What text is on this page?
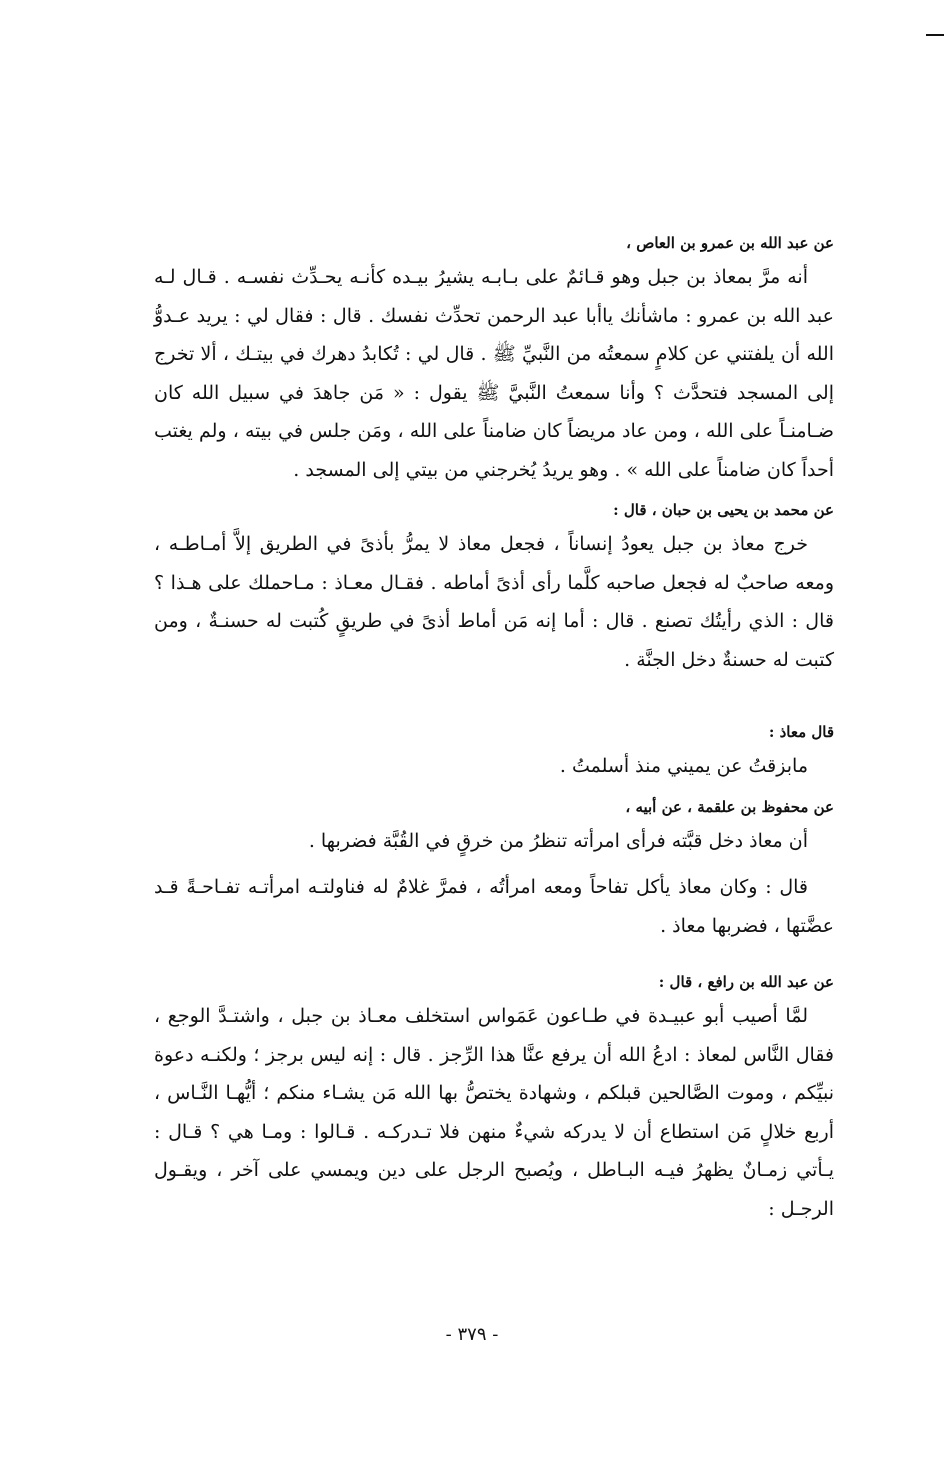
عن عبد الله بن عمرو بن العاص ،

أنه مرَّ بمعاذ بن جبل وهو قـائمٌ على بـابـه يشيرُ بيـده كأنـه يحـدِّث نفسـه . قـال لـه عبد الله بن عمرو : ماشأنك ياأبا عبد الرحمن تحدِّث نفسك . قال : فقال لي : يريد عـدوُّ الله أن يلفتني عن كلامٍ سمعتُه من النَّبيِّ ﷺ . قال لي : تُكابدُ دهرك في بيتـك ، ألا تخرج إلى المسجد فتحدَّث ؟ وأنا سمعتُ النَّبيَّ ﷺ يقول : « مَن جاهدَ في سبيل الله كان ضـامنـاً على الله ، ومن عاد مريضاً كان ضامناً على الله ، ومَن جلس في بيته ، ولم يغتب أحداً كان ضامناً على الله » . وهو يريدُ يُخرجني من بيتي إلى المسجد .

عن محمد بن يحيى بن حبان ، قال :

خرج معاذ بن جبل يعودُ إنساناً ، فجعل معاذ لا يمرُّ بأذىً في الطريق إلاَّ أمـاطـه ، ومعه صاحبٌ له فجعل صاحبه كلَّما رأى أذىً أماطه . فقـال معـاذ : مـاحملك على هـذا ؟ قال : الذي رأيتُك تصنع . قال : أما إنه مَن أماط أذىً في طريقٍ كُتبت له حسنـةٌ ، ومن كتبت له حسنةٌ دخل الجنَّة .

قال معاذ :

مابزقتُ عن يميني منذ أسلمتُ .

عن محفوظ بن علقمة ، عن أبيه ،

أن معاذ دخل قبَّته فرأى امرأته تنظرُ من خرقٍ في القُبَّة فضربها .

قال : وكان معاذ يأكل تفاحاً ومعه امرأتُه ، فمرَّ غلامٌ له فناولتـه امرأتـه تفـاحـةً قـد عضَّتها ، فضربها معاذ .

عن عبد الله بن رافع ، قال :

لمَّا أصيب أبو عبيـدة في طـاعون عَمَواس استخلف معـاذ بن جبل ، واشتـدَّ الوجع ، فقال النَّاس لمعاذ : ادعُ الله أن يرفع عنَّا هذا الرِّجز . قال : إنه ليس برجز ؛ ولكنـه دعوة نبيِّكم ، وموت الصَّالحين قبلكم ، وشهادة يختصُّ بها الله مَن يشـاء منكم ؛ أيُّهـا النَّـاس ، أربع خلالٍ مَن استطاع أن لا يدركه شيءٌ منهن فلا تـدركـه . قـالوا : ومـا هي ؟ قـال : يـأتي زمـانٌ يظهرُ فيـه البـاطل ، ويُصبح الرجل على دين ويمسي على آخر ، ويقـول الرجـل :

- ٣٧٩ -
